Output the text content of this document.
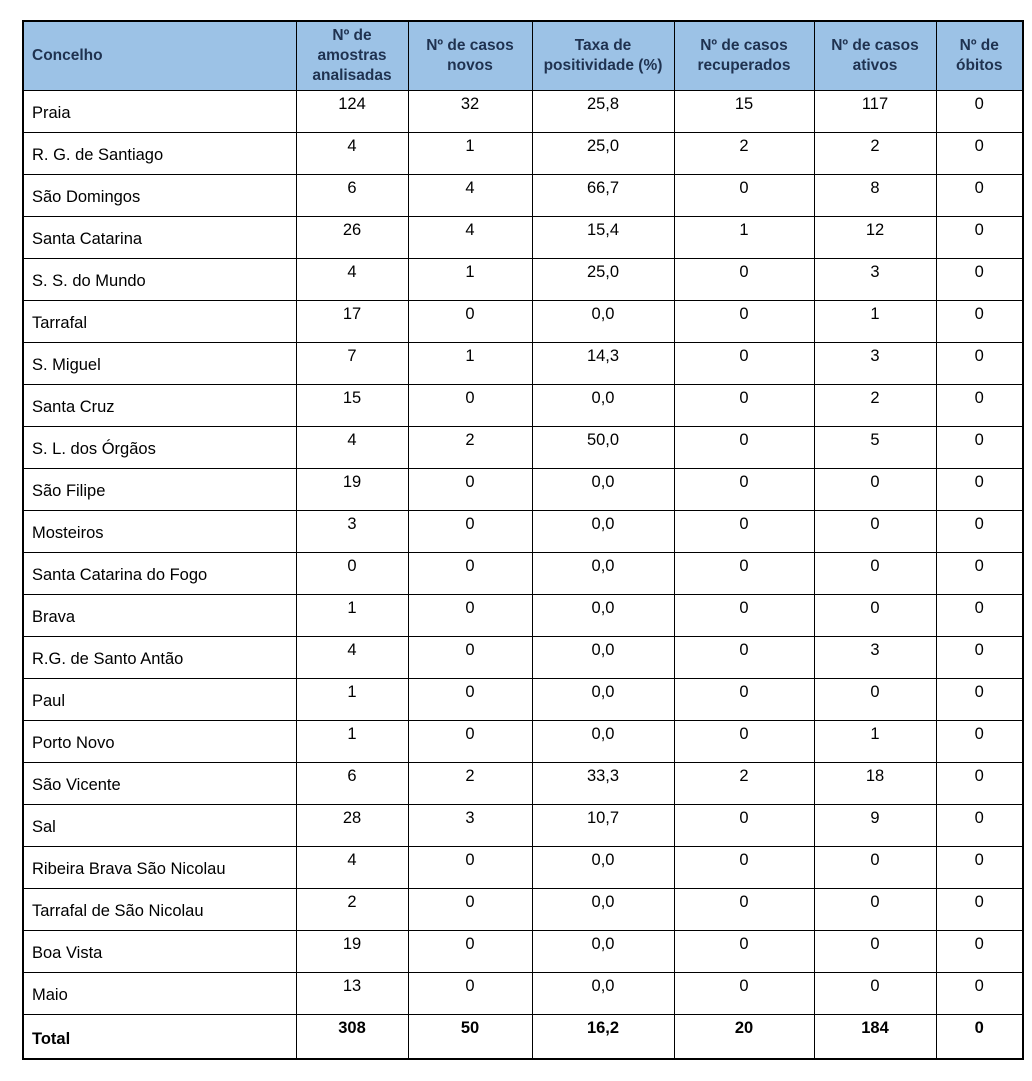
Concelho	Nº de amostras analisadas	Nº de casos novos	Taxa de positividade (%)	Nº de casos recuperados	Nº de casos ativos	Nº de óbitos
Praia	124	32	25,8	15	117	0
R. G. de Santiago	4	1	25,0	2	2	0
São Domingos	6	4	66,7	0	8	0
Santa Catarina	26	4	15,4	1	12	0
S. S. do Mundo	4	1	25,0	0	3	0
Tarrafal	17	0	0,0	0	1	0
S. Miguel	7	1	14,3	0	3	0
Santa Cruz	15	0	0,0	0	2	0
S. L. dos Órgãos	4	2	50,0	0	5	0
São Filipe	19	0	0,0	0	0	0
Mosteiros	3	0	0,0	0	0	0
Santa Catarina do Fogo	0	0	0,0	0	0	0
Brava	1	0	0,0	0	0	0
R.G. de Santo Antão	4	0	0,0	0	3	0
Paul	1	0	0,0	0	0	0
Porto Novo	1	0	0,0	0	1	0
São Vicente	6	2	33,3	2	18	0
Sal	28	3	10,7	0	9	0
Ribeira Brava São Nicolau	4	0	0,0	0	0	0
Tarrafal de São Nicolau	2	0	0,0	0	0	0
Boa Vista	19	0	0,0	0	0	0
Maio	13	0	0,0	0	0	0
Total	308	50	16,2	20	184	0
